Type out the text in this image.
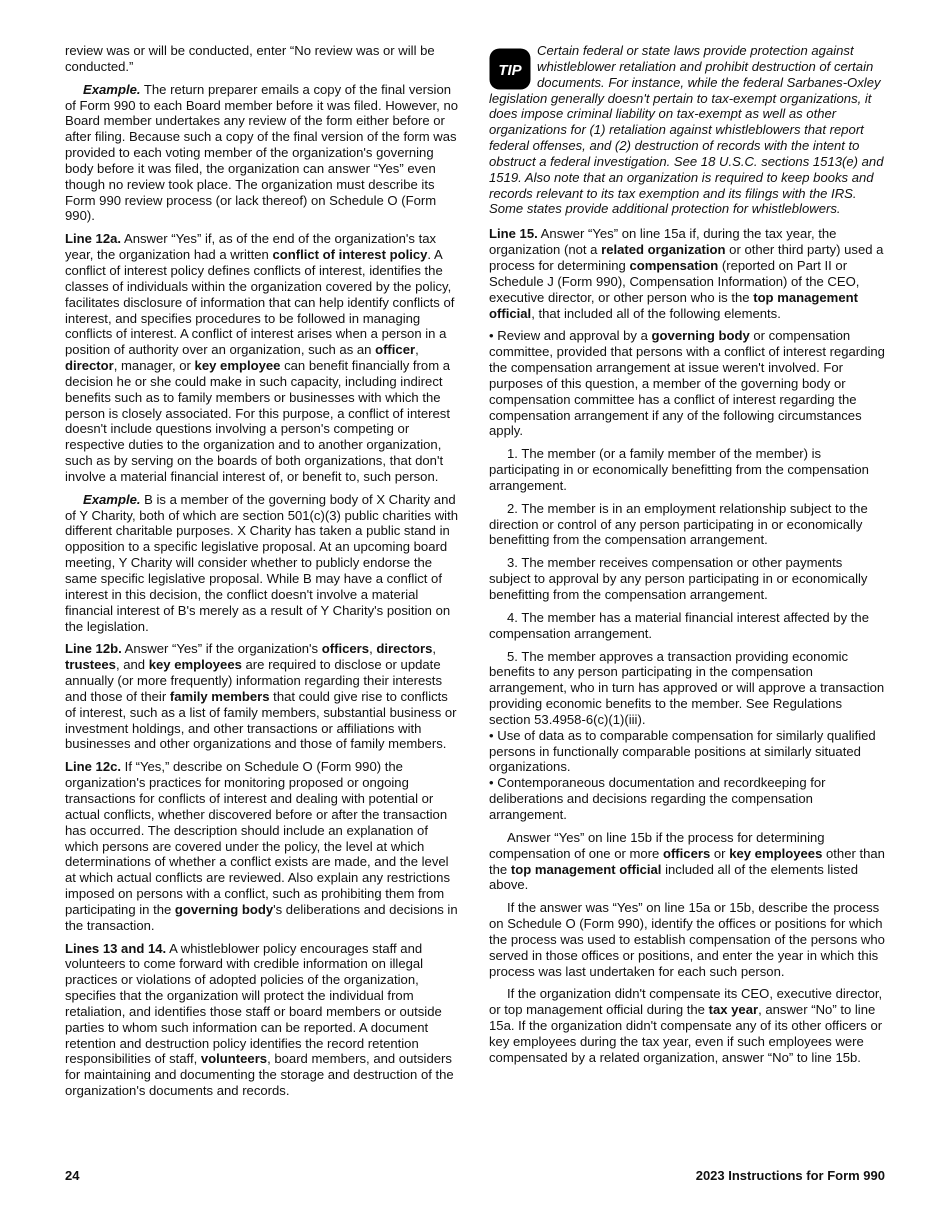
review was or will be conducted, enter “No review was or will be conducted.”

Example. The return preparer emails a copy of the final version of Form 990 to each Board member before it was filed. However, no Board member undertakes any review of the form either before or after filing. Because such a copy of the final version of the form was provided to each voting member of the organization's governing body before it was filed, the organization can answer “Yes” even though no review took place. The organization must describe its Form 990 review process (or lack thereof) on Schedule O (Form 990).

Line 12a. Answer “Yes” if, as of the end of the organization's tax year, the organization had a written conflict of interest policy. A conflict of interest policy defines conflicts of interest, identifies the classes of individuals within the organization covered by the policy, facilitates disclosure of information that can help identify conflicts of interest, and specifies procedures to be followed in managing conflicts of interest. A conflict of interest arises when a person in a position of authority over an organization, such as an officer, director, manager, or key employee can benefit financially from a decision he or she could make in such capacity, including indirect benefits such as to family members or businesses with which the person is closely associated. For this purpose, a conflict of interest doesn't include questions involving a person's competing or respective duties to the organization and to another organization, such as by serving on the boards of both organizations, that don't involve a material financial interest of, or benefit to, such person.

Example. B is a member of the governing body of X Charity and of Y Charity, both of which are section 501(c)(3) public charities with different charitable purposes. X Charity has taken a public stand in opposition to a specific legislative proposal. At an upcoming board meeting, Y Charity will consider whether to publicly endorse the same specific legislative proposal. While B may have a conflict of interest in this decision, the conflict doesn't involve a material financial interest of B's merely as a result of Y Charity's position on the legislation.

Line 12b. Answer “Yes” if the organization's officers, directors, trustees, and key employees are required to disclose or update annually (or more frequently) information regarding their interests and those of their family members that could give rise to conflicts of interest, such as a list of family members, substantial business or investment holdings, and other transactions or affiliations with businesses and other organizations and those of family members.

Line 12c. If “Yes,” describe on Schedule O (Form 990) the organization's practices for monitoring proposed or ongoing transactions for conflicts of interest and dealing with potential or actual conflicts, whether discovered before or after the transaction has occurred. The description should include an explanation of which persons are covered under the policy, the level at which determinations of whether a conflict exists are made, and the level at which actual conflicts are reviewed. Also explain any restrictions imposed on persons with a conflict, such as prohibiting them from participating in the governing body's deliberations and decisions in the transaction.

Lines 13 and 14. A whistleblower policy encourages staff and volunteers to come forward with credible information on illegal practices or violations of adopted policies of the organization, specifies that the organization will protect the individual from retaliation, and identifies those staff or board members or outside parties to whom such information can be reported. A document retention and destruction policy identifies the record retention responsibilities of staff, volunteers, board members, and outsiders for maintaining and documenting the storage and destruction of the organization's documents and records.

TIP
Certain federal or state laws provide protection against whistleblower retaliation and prohibit destruction of certain documents. For instance, while the federal Sarbanes-Oxley legislation generally doesn't pertain to tax-exempt organizations, it does impose criminal liability on tax-exempt as well as other organizations for (1) retaliation against whistleblowers that report federal offenses, and (2) destruction of records with the intent to obstruct a federal investigation. See 18 U.S.C. sections 1513(e) and 1519. Also note that an organization is required to keep books and records relevant to its tax exemption and its filings with the IRS. Some states provide additional protection for whistleblowers.

Line 15. Answer “Yes” on line 15a if, during the tax year, the organization (not a related organization or other third party) used a process for determining compensation (reported on Part II or Schedule J (Form 990), Compensation Information) of the CEO, executive director, or other person who is the top management official, that included all of the following elements.

• Review and approval by a governing body or compensation committee, provided that persons with a conflict of interest regarding the compensation arrangement at issue weren't involved. For purposes of this question, a member of the governing body or compensation committee has a conflict of interest regarding the compensation arrangement if any of the following circumstances apply.

1. The member (or a family member of the member) is participating in or economically benefitting from the compensation arrangement.

2. The member is in an employment relationship subject to the direction or control of any person participating in or economically benefitting from the compensation arrangement.

3. The member receives compensation or other payments subject to approval by any person participating in or economically benefitting from the compensation arrangement.

4. The member has a material financial interest affected by the compensation arrangement.

5. The member approves a transaction providing economic benefits to any person participating in the compensation arrangement, who in turn has approved or will approve a transaction providing economic benefits to the member. See Regulations section 53.4958-6(c)(1)(iii).

• Use of data as to comparable compensation for similarly qualified persons in functionally comparable positions at similarly situated organizations.

• Contemporaneous documentation and recordkeeping for deliberations and decisions regarding the compensation arrangement.

Answer “Yes” on line 15b if the process for determining compensation of one or more officers or key employees other than the top management official included all of the elements listed above.

If the answer was “Yes” on line 15a or 15b, describe the process on Schedule O (Form 990), identify the offices or positions for which the process was used to establish compensation of the persons who served in those offices or positions, and enter the year in which this process was last undertaken for each such person.

If the organization didn't compensate its CEO, executive director, or top management official during the tax year, answer “No” to line 15a. If the organization didn't compensate any of its other officers or key employees during the tax year, even if such employees were compensated by a related organization, answer “No” to line 15b.

24	2023 Instructions for Form 990
